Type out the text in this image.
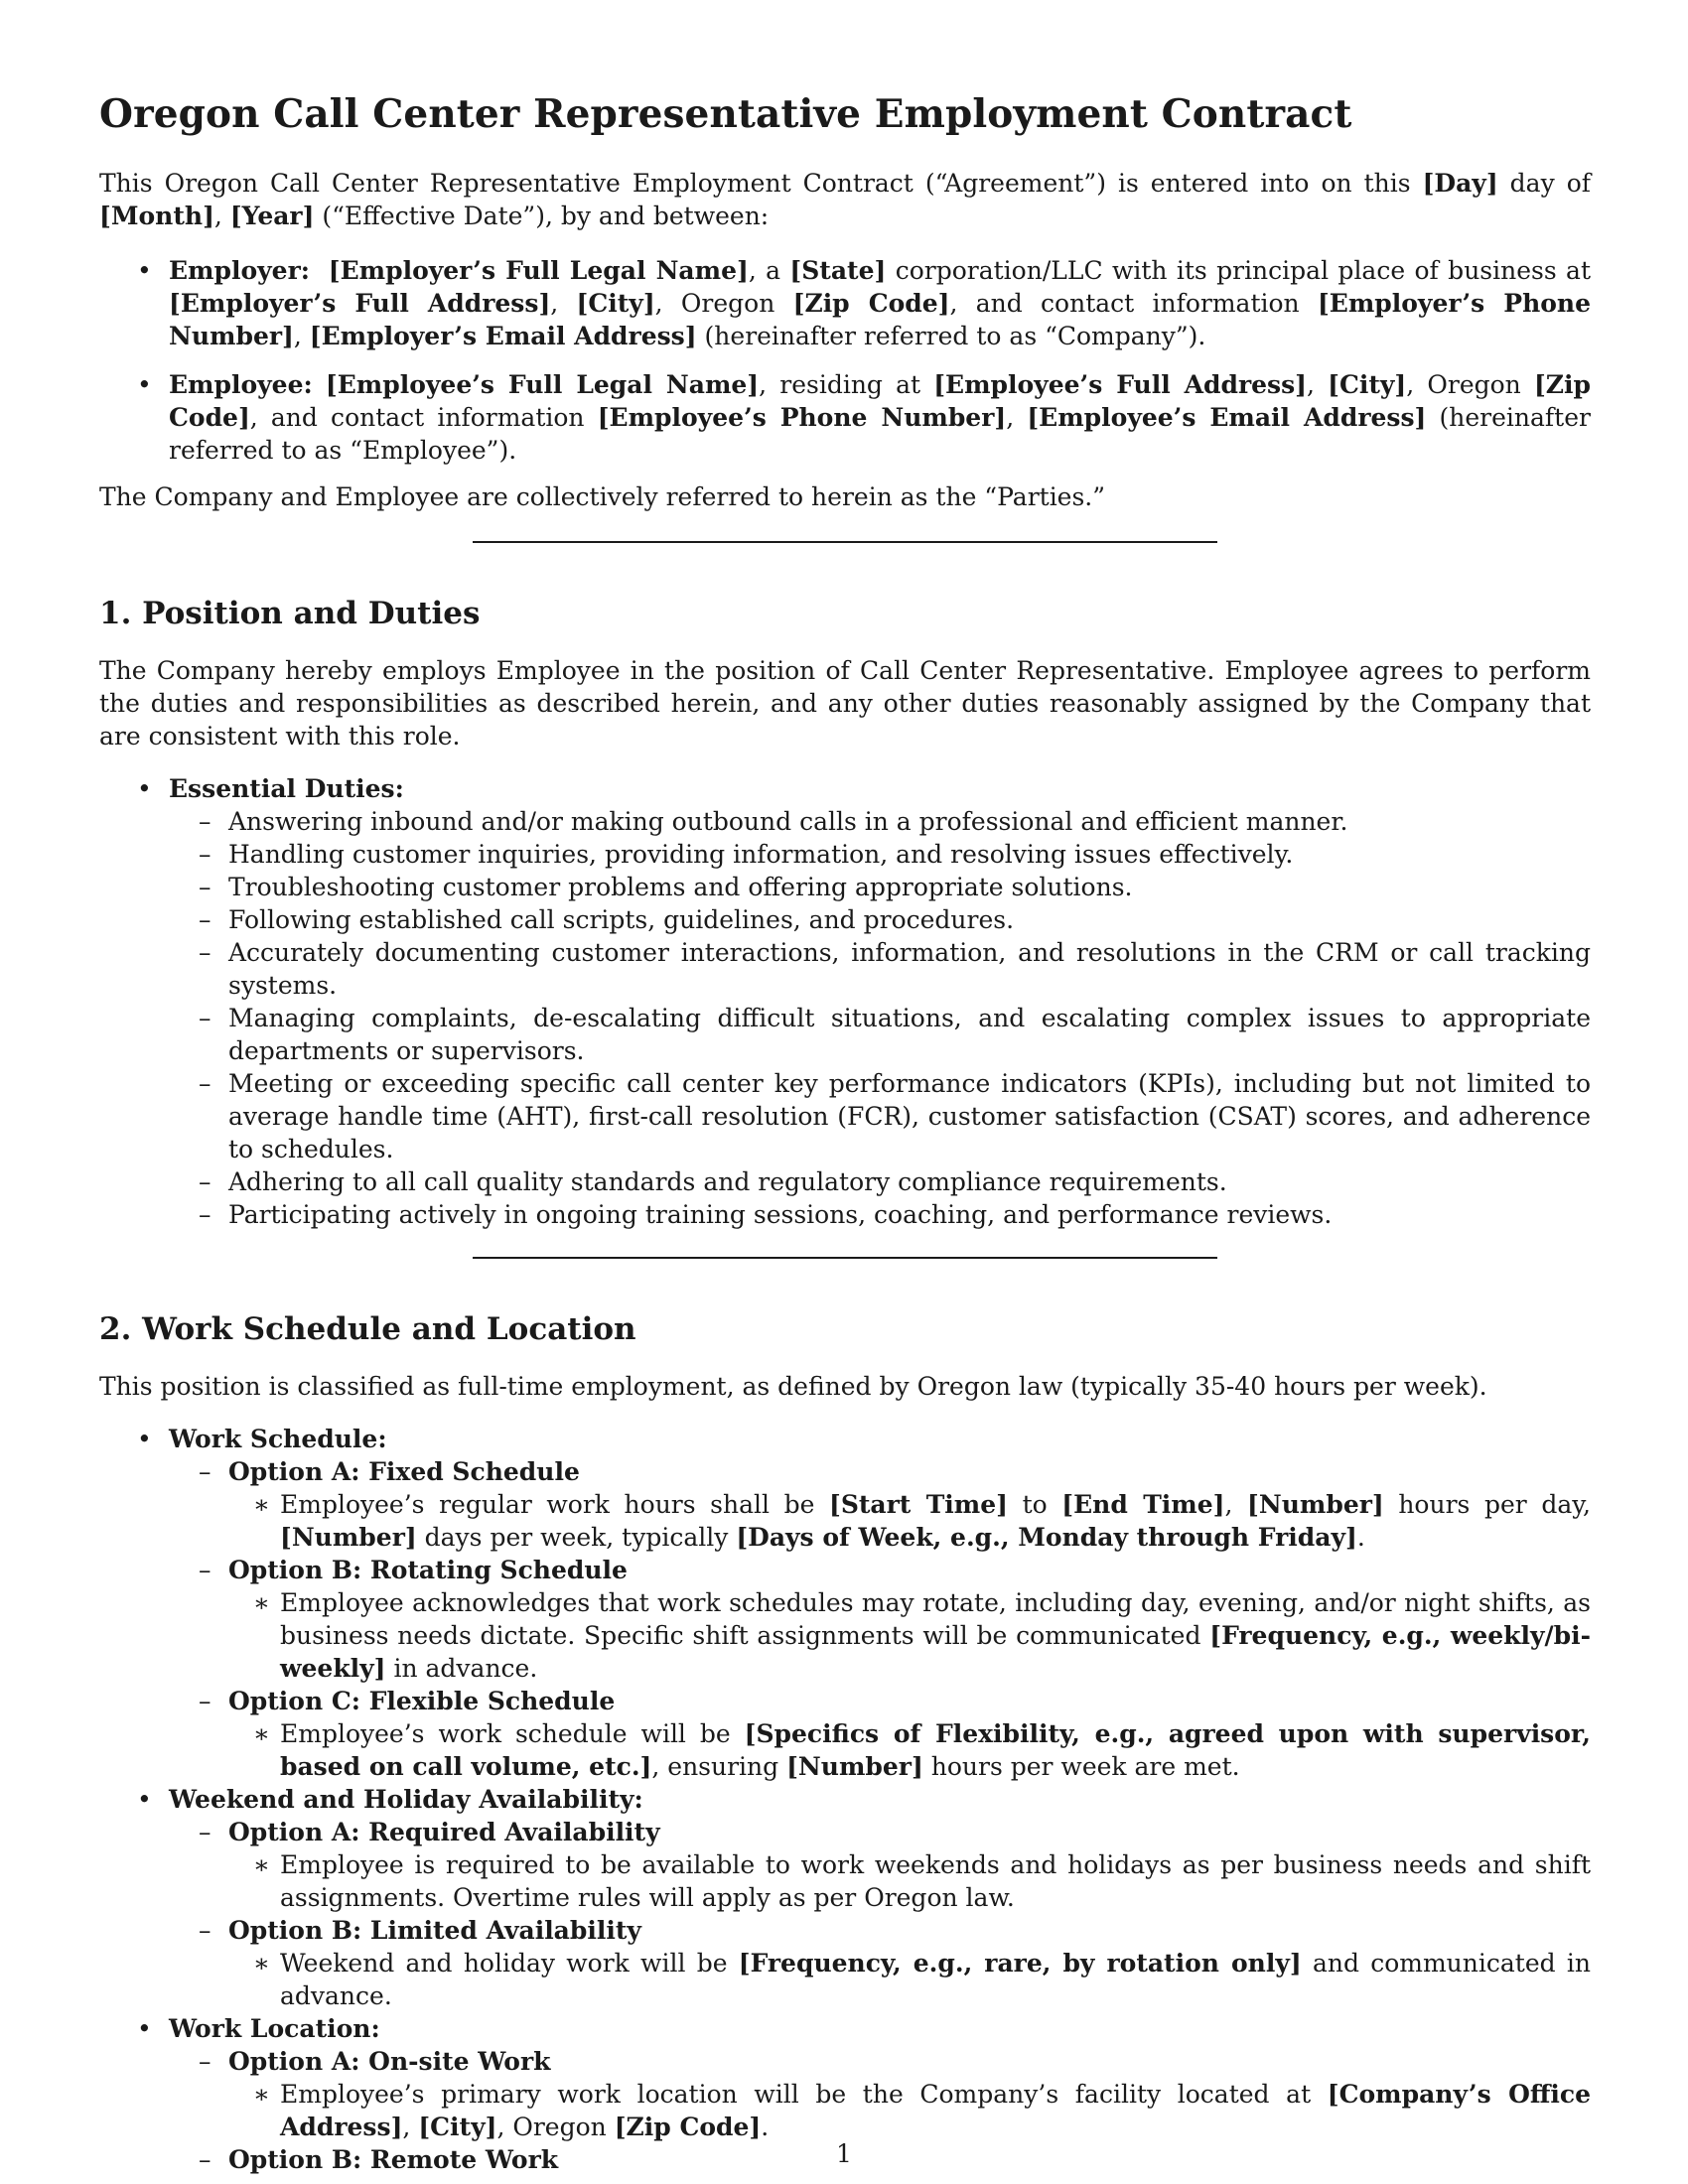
Oregon Call Center Representative Employment Contract

This Oregon Call Center Representative Employment Contract (“Agreement”) is entered into on this [Day] day of [Month], [Year] (“Effective Date”), by and between:

• Employer: [Employer’s Full Legal Name], a [State] corporation/LLC with its principal place of business at [Employer’s Full Address], [City], Oregon [Zip Code], and contact information [Employer’s Phone Number], [Employer’s Email Address] (hereinafter referred to as “Company”).
• Employee: [Employee’s Full Legal Name], residing at [Employee’s Full Address], [City], Oregon [Zip Code], and contact information [Employee’s Phone Number], [Employee’s Email Address] (hereinafter referred to as “Employee”).

The Company and Employee are collectively referred to herein as the “Parties.”

1. Position and Duties

The Company hereby employs Employee in the position of Call Center Representative. Employee agrees to perform the duties and responsibilities as described herein, and any other duties reasonably assigned by the Company that are consistent with this role.

• Essential Duties:
– Answering inbound and/or making outbound calls in a professional and efficient manner.
– Handling customer inquiries, providing information, and resolving issues effectively.
– Troubleshooting customer problems and offering appropriate solutions.
– Following established call scripts, guidelines, and procedures.
– Accurately documenting customer interactions, information, and resolutions in the CRM or call tracking systems.
– Managing complaints, de-escalating difficult situations, and escalating complex issues to appropriate departments or supervisors.
– Meeting or exceeding specific call center key performance indicators (KPIs), including but not limited to average handle time (AHT), first-call resolution (FCR), customer satisfaction (CSAT) scores, and adherence to schedules.
– Adhering to all call quality standards and regulatory compliance requirements.
– Participating actively in ongoing training sessions, coaching, and performance reviews.
2. Work Schedule and Location

This position is classified as full-time employment, as defined by Oregon law (typically 35-40 hours per week).

• Work Schedule:
– Option A: Fixed Schedule
∗ Employee’s regular work hours shall be [Start Time] to [End Time], [Number] hours per day, [Number] days per week, typically [Days of Week, e.g., Monday through Friday].
– Option B: Rotating Schedule
∗ Employee acknowledges that work schedules may rotate, including day, evening, and/or night shifts, as business needs dictate. Specific shift assignments will be communicated [Frequency, e.g., weekly/bi-weekly] in advance.
– Option C: Flexible Schedule
∗ Employee’s work schedule will be [Specifics of Flexibility, e.g., agreed upon with supervisor, based on call volume, etc.], ensuring [Number] hours per week are met.
• Weekend and Holiday Availability:
– Option A: Required Availability
∗ Employee is required to be available to work weekends and holidays as per business needs and shift assignments. Overtime rules will apply as per Oregon law.
– Option B: Limited Availability
∗ Weekend and holiday work will be [Frequency, e.g., rare, by rotation only] and communicated in advance.
• Work Location:
– Option A: On-site Work
∗ Employee’s primary work location will be the Company’s facility located at [Company’s Office Address], [City], Oregon [Zip Code].
– Option B: Remote Work	1
